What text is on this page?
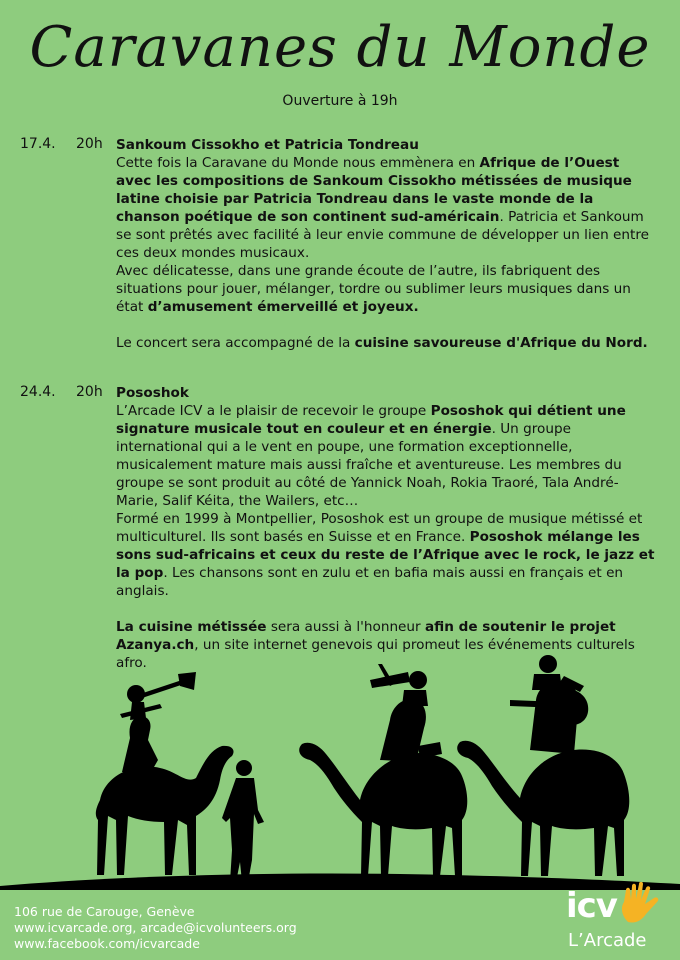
Caravanes du Monde
Ouverture à 19h
17.4. 20h Sankoum Cissokho et Patricia Tondreau

Cette fois la Caravane du Monde nous emmènera en Afrique de l’Ouest avec les compositions de Sankoum Cissokho métissées de musique latine choisie par Patricia Tondreau dans le vaste monde de la chanson poétique de son continent sud-américain. Patricia et Sankoum se sont prêtés avec facilité à leur envie commune de développer un lien entre ces deux mondes musicaux.

Avec délicatesse, dans une grande écoute de l’autre, ils fabriquent des situations pour jouer, mélanger, tordre ou sublimer leurs musiques dans un état d’amusement émerveillé et joyeux.

Le concert sera accompagné de la cuisine savoureuse d'Afrique du Nord.

24.4. 20h Pososhok

L’Arcade ICV a le plaisir de recevoir le groupe Pososhok qui détient une signature musicale tout en couleur et en énergie. Un groupe international qui a le vent en poupe, une formation exceptionnelle, musicalement mature mais aussi fraîche et aventureuse. Les membres du groupe se sont produit au côté de Yannick Noah, Rokia Traoré, Tala André-Marie, Salif Kéita, the Wailers, etc…

Formé en 1999 à Montpellier, Pososhok est un groupe de musique métissé et multiculturel. Ils sont basés en Suisse et en France. Pososhok mélange les sons sud-africains et ceux du reste de l’Afrique avec le rock, le jazz et la pop. Les chansons sont en zulu et en bafia mais aussi en français et en anglais.

La cuisine métissée sera aussi à l'honneur afin de soutenir le projet Azanya.ch, un site internet genevois qui promeut les événements culturels afro.

106 rue de Carouge, Genève
www.icvarcade.org, arcade@icvolunteers.org
www.facebook.com/icvarcade
icv
L’Arcade
